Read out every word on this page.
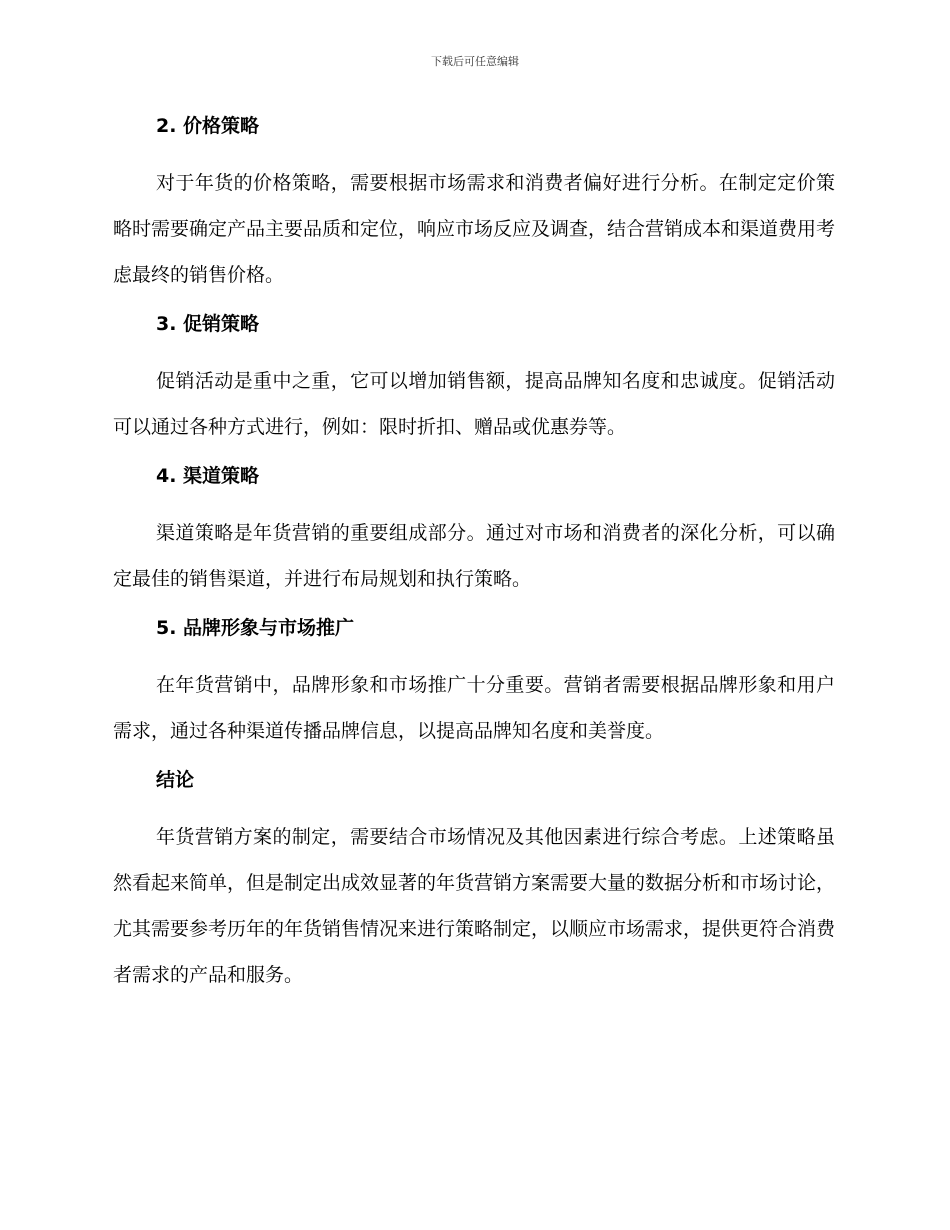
下载后可任意编辑
2. 价格策略

对于年货的价格策略，需要根据市场需求和消费者偏好进行分析。在制定定价策略时需要确定产品主要品质和定位，响应市场反应及调查，结合营销成本和渠道费用考虑最终的销售价格。

3. 促销策略

促销活动是重中之重，它可以增加销售额，提高品牌知名度和忠诚度。促销活动可以通过各种方式进行，例如：限时折扣、赠品或优惠券等。

4. 渠道策略

渠道策略是年货营销的重要组成部分。通过对市场和消费者的深化分析，可以确定最佳的销售渠道，并进行布局规划和执行策略。

5. 品牌形象与市场推广

在年货营销中，品牌形象和市场推广十分重要。营销者需要根据品牌形象和用户需求，通过各种渠道传播品牌信息，以提高品牌知名度和美誉度。

结论

年货营销方案的制定，需要结合市场情况及其他因素进行综合考虑。上述策略虽然看起来简单，但是制定出成效显著的年货营销方案需要大量的数据分析和市场讨论，尤其需要参考历年的年货销售情况来进行策略制定，以顺应市场需求，提供更符合消费者需求的产品和服务。
